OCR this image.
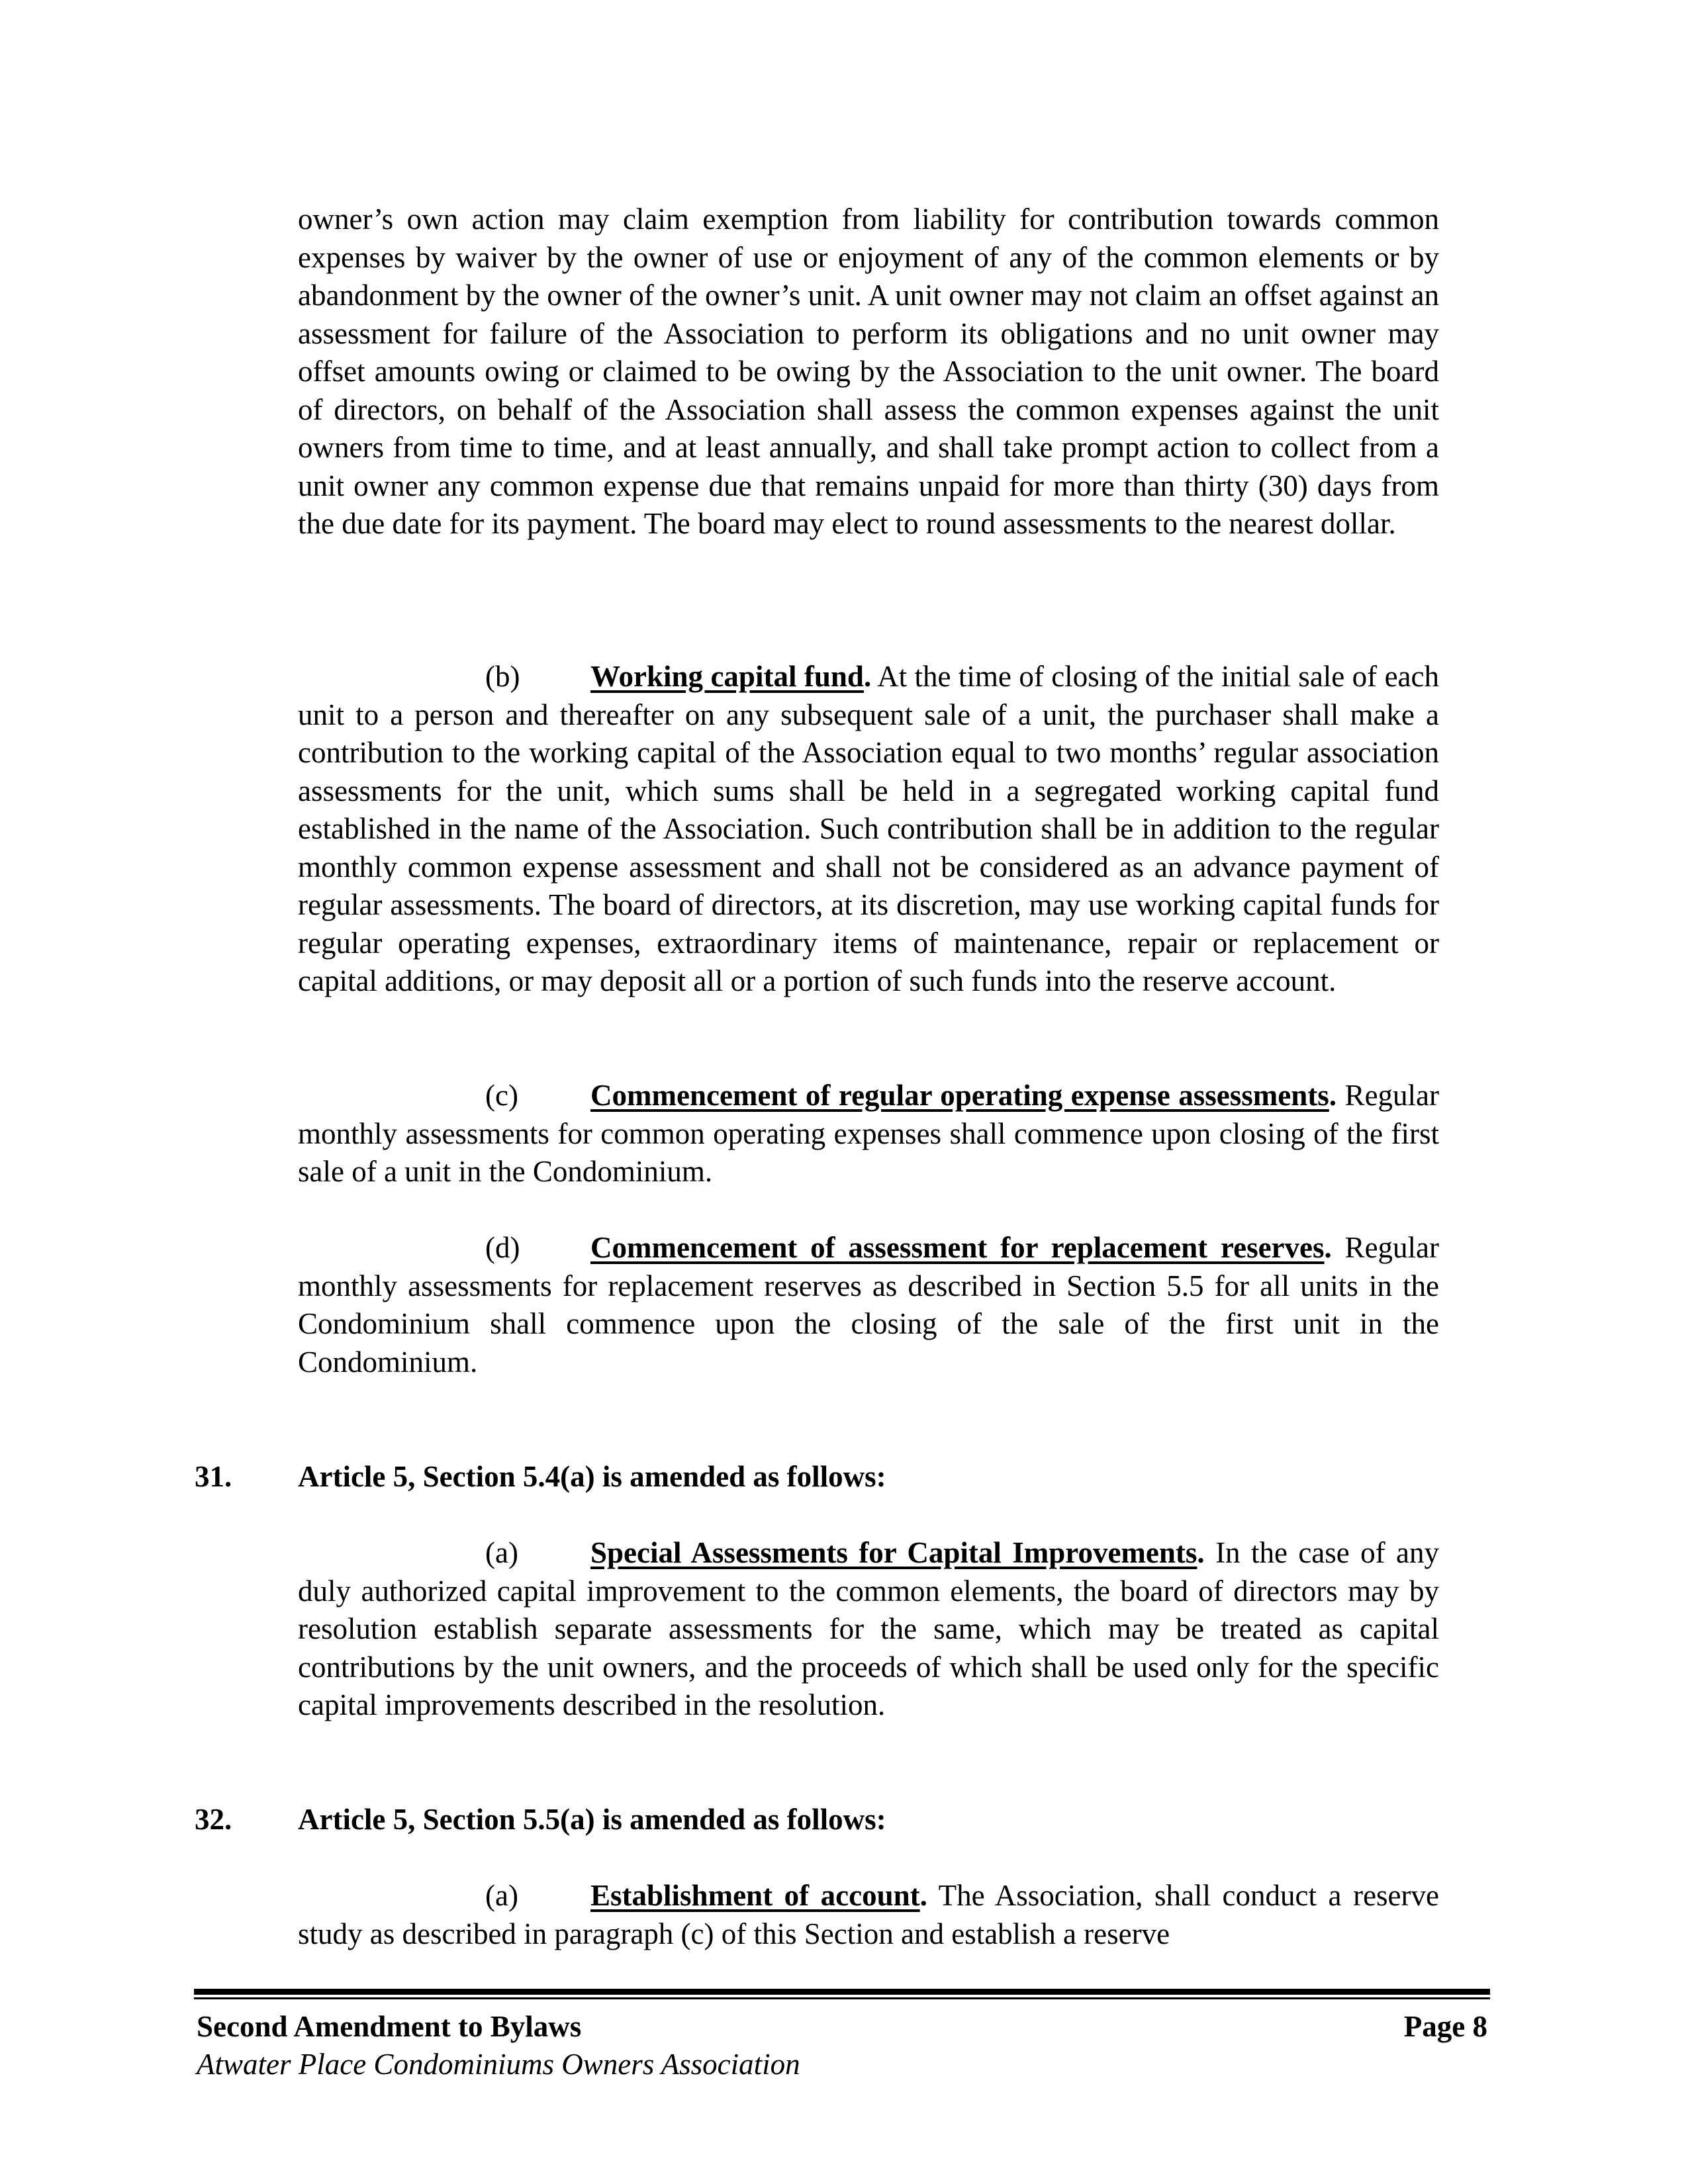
owner’s own action may claim exemption from liability for contribution towards common expenses by waiver by the owner of use or enjoyment of any of the common elements or by abandonment by the owner of the owner’s unit. A unit owner may not claim an offset against an assessment for failure of the Association to perform its obligations and no unit owner may offset amounts owing or claimed to be owing by the Association to the unit owner. The board of directors, on behalf of the Association shall assess the common expenses against the unit owners from time to time, and at least annually, and shall take prompt action to collect from a unit owner any common expense due that remains unpaid for more than thirty (30) days from the due date for its payment. The board may elect to round assessments to the nearest dollar.

(b) Working capital fund. At the time of closing of the initial sale of each unit to a person and thereafter on any subsequent sale of a unit, the purchaser shall make a contribution to the working capital of the Association equal to two months’ regular association assessments for the unit, which sums shall be held in a segregated working capital fund established in the name of the Association. Such contribution shall be in addition to the regular monthly common expense assessment and shall not be considered as an advance payment of regular assessments. The board of directors, at its discretion, may use working capital funds for regular operating expenses, extraordinary items of maintenance, repair or replacement or capital additions, or may deposit all or a portion of such funds into the reserve account.

(c) Commencement of regular operating expense assessments. Regular monthly assessments for common operating expenses shall commence upon closing of the first sale of a unit in the Condominium.

(d) Commencement of assessment for replacement reserves. Regular monthly assessments for replacement reserves as described in Section 5.5 for all units in the Condominium shall commence upon the closing of the sale of the first unit in the Condominium.

31. Article 5, Section 5.4(a) is amended as follows:

(a) Special Assessments for Capital Improvements. In the case of any duly authorized capital improvement to the common elements, the board of directors may by resolution establish separate assessments for the same, which may be treated as capital contributions by the unit owners, and the proceeds of which shall be used only for the specific capital improvements described in the resolution.

32. Article 5, Section 5.5(a) is amended as follows:

(a) Establishment of account. The Association, shall conduct a reserve study as described in paragraph (c) of this Section and establish a reserve

Second Amendment to Bylaws	Page 8
Atwater Place Condominiums Owners Association
